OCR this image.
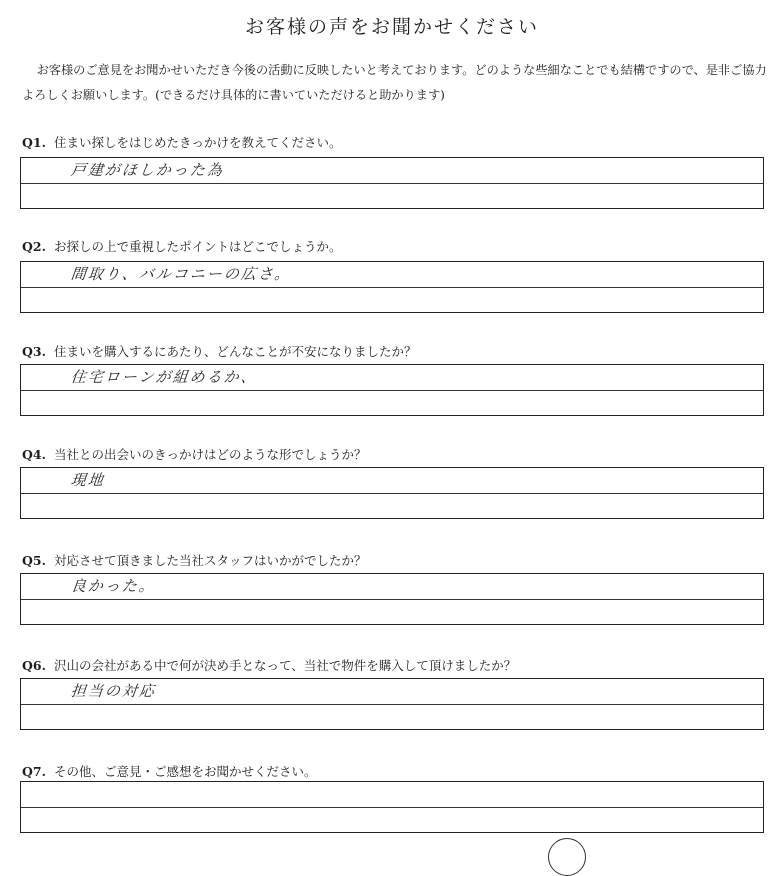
お客様の声をお聞かせください
お客様のご意見をお聞かせいただき今後の活動に反映したいと考えております。どのような些細なことでも結構ですので、是非ご協力よろしくお願いします。(できるだけ具体的に書いていただけると助かります)
Q1. 住まい探しをはじめたきっかけを教えてください。
戸建がほしかった為
Q2. お探しの上で重視したポイントはどこでしょうか。
間取り、バルコニーの広さ。
Q3. 住まいを購入するにあたり、どんなことが不安になりましたか？
住宅ローンが組めるか、
Q4. 当社との出会いのきっかけはどのような形でしょうか？
現地
Q5. 対応させて頂きました当社スタッフはいかがでしたか？
良かった。
Q6. 沢山の会社がある中で何が決め手となって、当社で物件を購入して頂けましたか？
担当の対応
Q7. その他、ご意見・ご感想をお聞かせください。
